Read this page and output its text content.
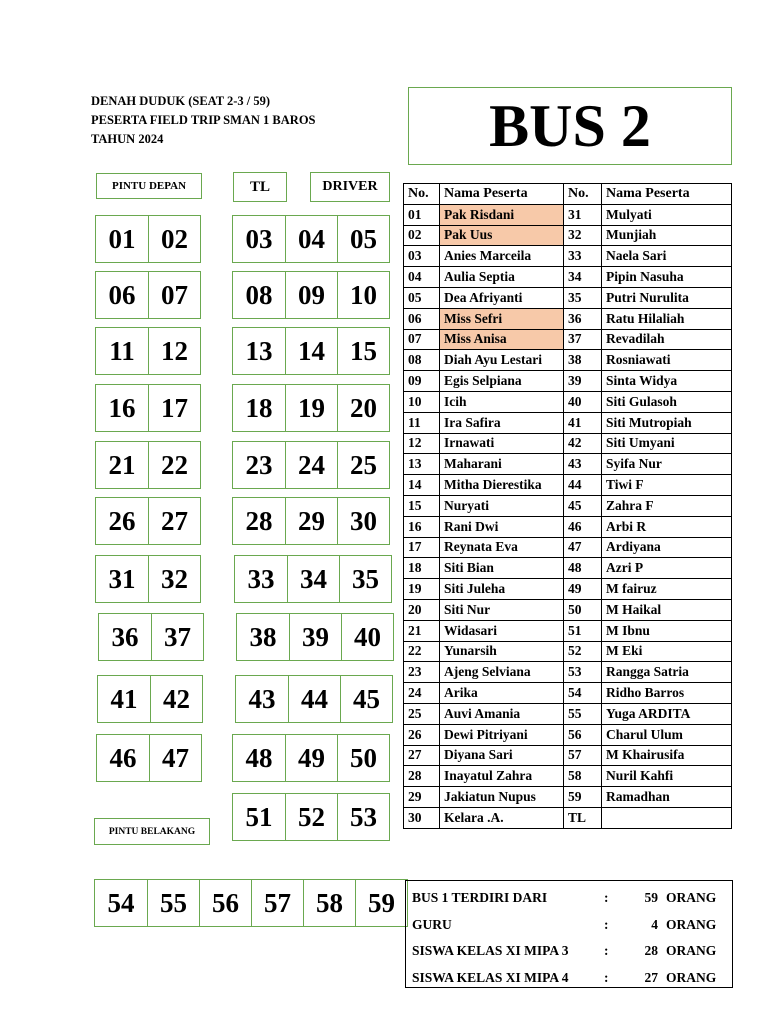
DENAH DUDUK (SEAT 2-3 / 59)
PESERTA FIELD TRIP SMAN 1 BAROS
TAHUN 2024	BUS 2
PINTU DEPAN	TL	DRIVER
PINTU BELAKANG
01 02	03 04 05
06 07	08 09 10
11 12	13 14 15
16 17	18 19 20
21 22	23 24 25
26 27	28 29 30
31 32	33 34 35
36 37	38 39 40
41 42	43 44 45
46 47	48 49 50
51 52 53
54 55 56 57 58 59
No.	Nama Peserta	No.	Nama Peserta
01	Pak Risdani	31	Mulyati
02	Pak Uus	32	Munjiah
03	Anies Marceila	33	Naela Sari
04	Aulia Septia	34	Pipin Nasuha
05	Dea Afriyanti	35	Putri Nurulita
06	Miss Sefri	36	Ratu Hilaliah
07	Miss Anisa	37	Revadilah
08	Diah Ayu Lestari	38	Rosniawati
09	Egis Selpiana	39	Sinta Widya
10	Icih	40	Siti Gulasoh
11	Ira Safira	41	Siti Mutropiah
12	Irnawati	42	Siti Umyani
13	Maharani	43	Syifa Nur
14	Mitha Dierestika	44	Tiwi F
15	Nuryati	45	Zahra F
16	Rani Dwi	46	Arbi R
17	Reynata Eva	47	Ardiyana
18	Siti Bian	48	Azri P
19	Siti Juleha	49	M fairuz
20	Siti Nur	50	M Haikal
21	Widasari	51	M Ibnu
22	Yunarsih	52	M Eki
23	Ajeng Selviana	53	Rangga Satria
24	Arika	54	Ridho Barros
25	Auvi Amania	55	Yuga ARDITA
26	Dewi Pitriyani	56	Charul Ulum
27	Diyana Sari	57	M Khairusifa
28	Inayatul Zahra	58	Nuril Kahfi
29	Jakiatun Nupus	59	Ramadhan
30	Kelara .A.	TL	
BUS 1 TERDIRI DARI	:	59 ORANG
GURU	:	4 ORANG
SISWA KELAS XI MIPA 3	:	28 ORANG
SISWA KELAS XI MIPA 4	:	27 ORANG
